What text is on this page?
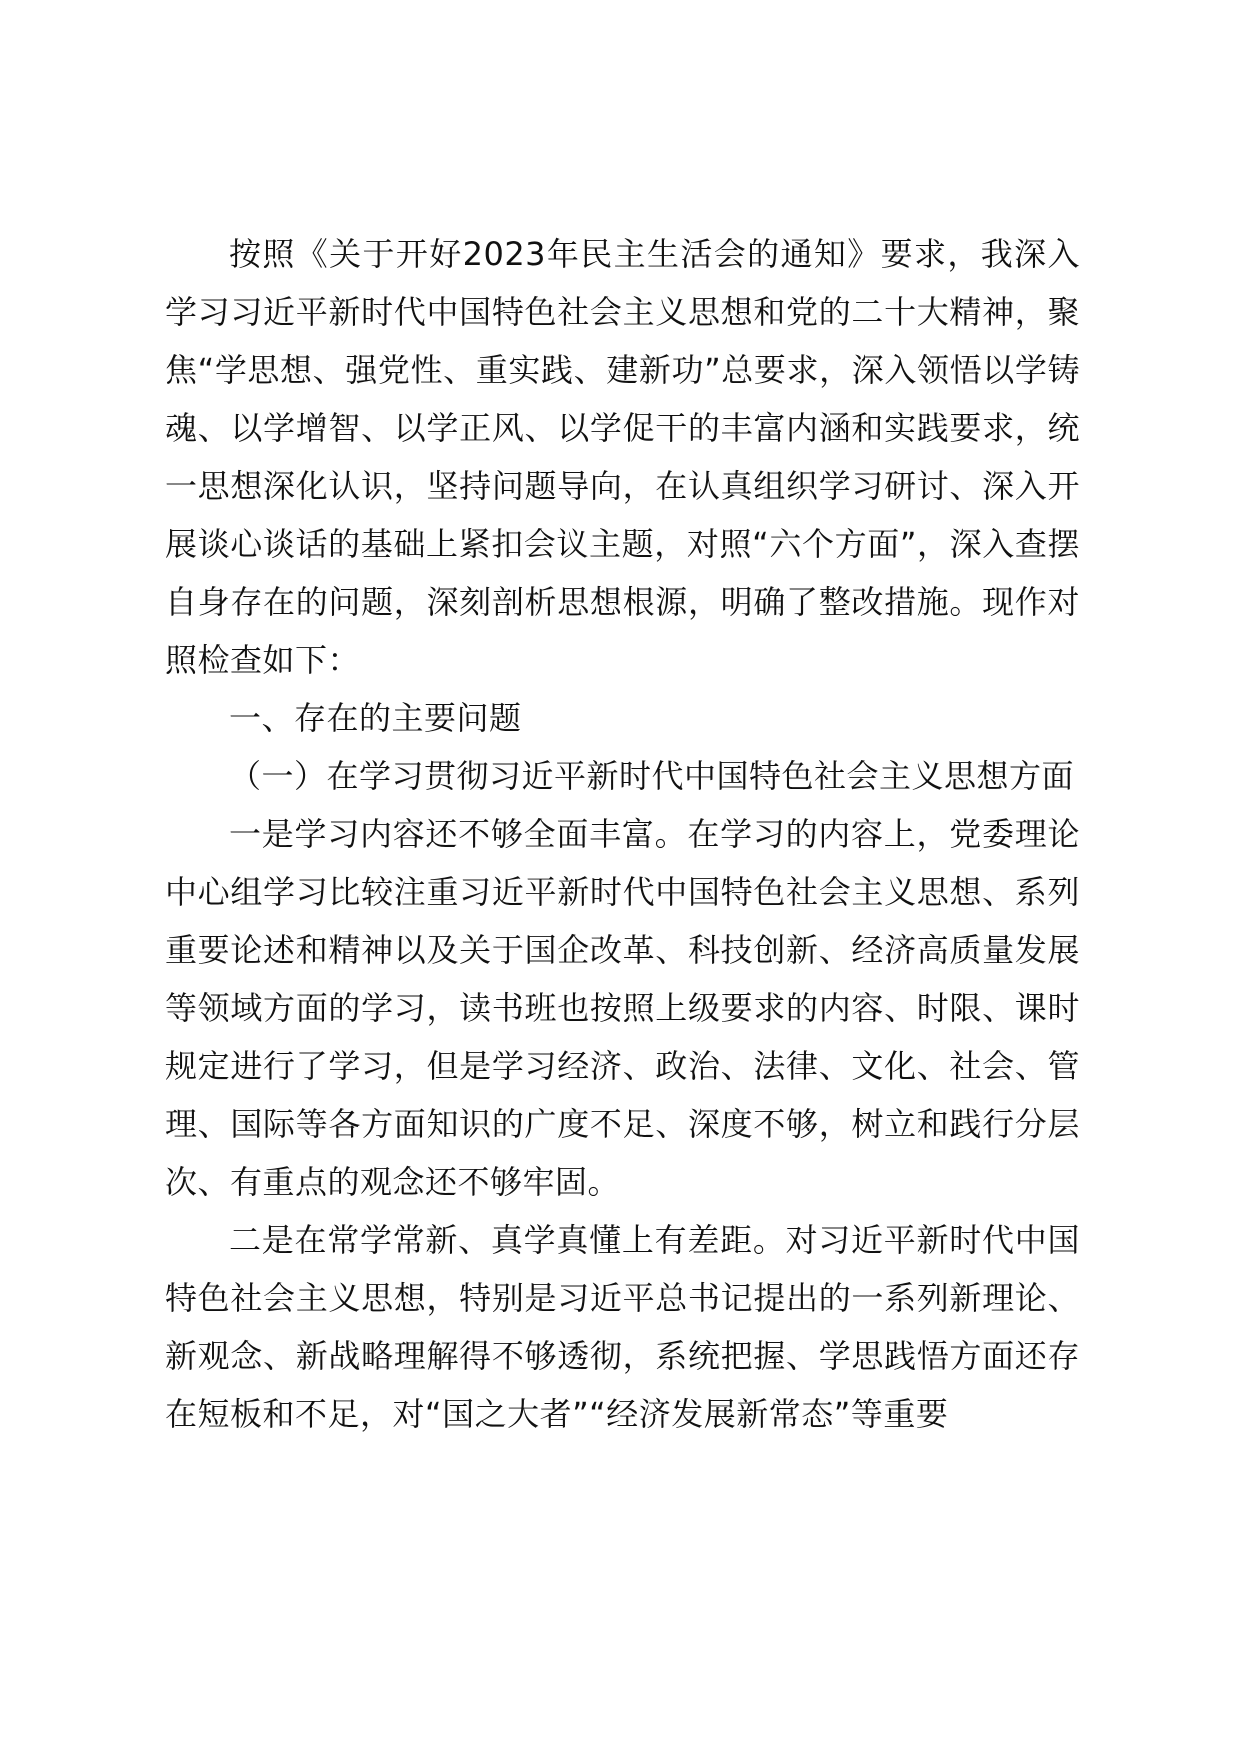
按照《关于开好2023年民主生活会的通知》要求，我深入学习习近平新时代中国特色社会主义思想和党的二十大精神，聚焦“学思想、强党性、重实践、建新功”总要求，深入领悟以学铸魂、以学增智、以学正风、以学促干的丰富内涵和实践要求，统一思想深化认识，坚持问题导向，在认真组织学习研讨、深入开展谈心谈话的基础上紧扣会议主题，对照“六个方面”，深入查摆自身存在的问题，深刻剖析思想根源，明确了整改措施。现作对照检查如下：

一、存在的主要问题

（一）在学习贯彻习近平新时代中国特色社会主义思想方面

一是学习内容还不够全面丰富。在学习的内容上，党委理论中心组学习比较注重习近平新时代中国特色社会主义思想、系列重要论述和精神以及关于国企改革、科技创新、经济高质量发展等领域方面的学习，读书班也按照上级要求的内容、时限、课时规定进行了学习，但是学习经济、政治、法律、文化、社会、管理、国际等各方面知识的广度不足、深度不够，树立和践行分层次、有重点的观念还不够牢固。

二是在常学常新、真学真懂上有差距。对习近平新时代中国特色社会主义思想，特别是习近平总书记提出的一系列新理论、新观念、新战略理解得不够透彻，系统把握、学思践悟方面还存在短板和不足，对“国之大者”“经济发展新常态”等重要
